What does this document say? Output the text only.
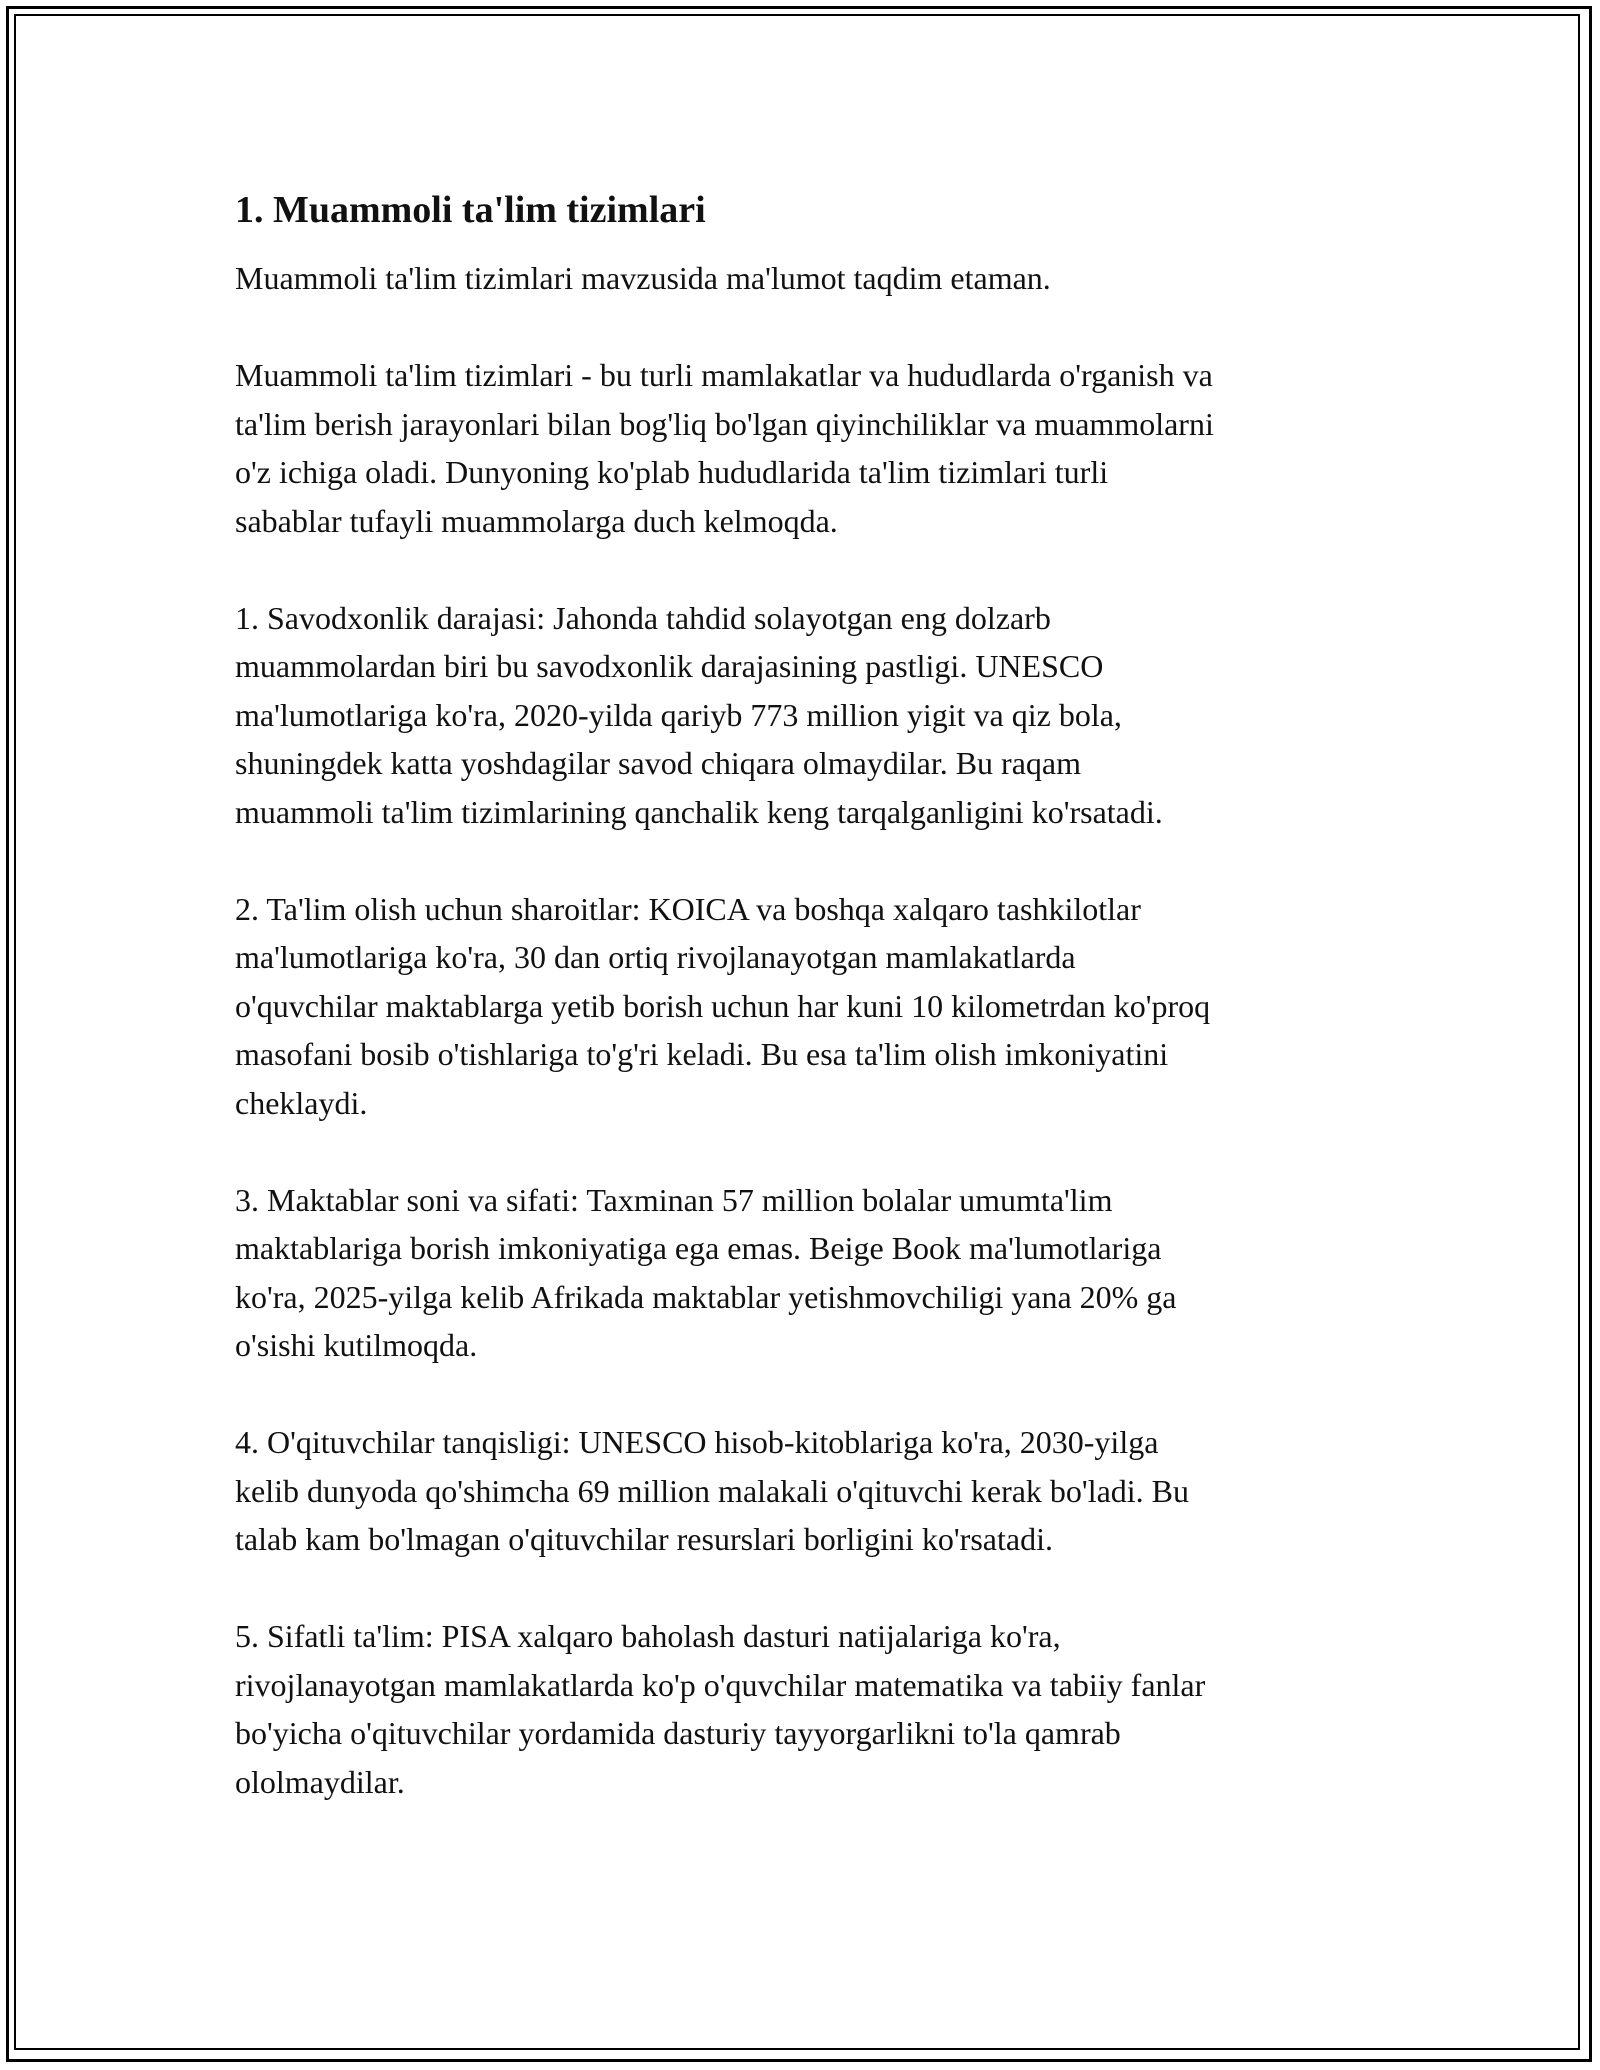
1. Muammoli ta'lim tizimlari
Muammoli ta'lim tizimlari mavzusida ma'lumot taqdim etaman.
Muammoli ta'lim tizimlari - bu turli mamlakatlar va hududlarda o'rganish va
ta'lim berish jarayonlari bilan bog'liq bo'lgan qiyinchiliklar va muammolarni
o'z ichiga oladi. Dunyoning ko'plab hududlarida ta'lim tizimlari turli
sabablar tufayli muammolarga duch kelmoqda.
1. Savodxonlik darajasi: Jahonda tahdid solayotgan eng dolzarb
muammolardan biri bu savodxonlik darajasining pastligi. UNESCO
ma'lumotlariga ko'ra, 2020-yilda qariyb 773 million yigit va qiz bola,
shuningdek katta yoshdagilar savod chiqara olmaydilar. Bu raqam
muammoli ta'lim tizimlarining qanchalik keng tarqalganligini ko'rsatadi.
2. Ta'lim olish uchun sharoitlar: KOICA va boshqa xalqaro tashkilotlar
ma'lumotlariga ko'ra, 30 dan ortiq rivojlanayotgan mamlakatlarda
o'quvchilar maktablarga yetib borish uchun har kuni 10 kilometrdan ko'proq
masofani bosib o'tishlariga to'g'ri keladi. Bu esa ta'lim olish imkoniyatini
cheklaydi.
3. Maktablar soni va sifati: Taxminan 57 million bolalar umumta'lim
maktablariga borish imkoniyatiga ega emas. Beige Book ma'lumotlariga
ko'ra, 2025-yilga kelib Afrikada maktablar yetishmovchiligi yana 20% ga
o'sishi kutilmoqda.
4. O'qituvchilar tanqisligi: UNESCO hisob-kitoblariga ko'ra, 2030-yilga
kelib dunyoda qo'shimcha 69 million malakali o'qituvchi kerak bo'ladi. Bu
talab kam bo'lmagan o'qituvchilar resurslari borligini ko'rsatadi.
5. Sifatli ta'lim: PISA xalqaro baholash dasturi natijalariga ko'ra,
rivojlanayotgan mamlakatlarda ko'p o'quvchilar matematika va tabiiy fanlar
bo'yicha o'qituvchilar yordamida dasturiy tayyorgarlikni to'la qamrab
ololmaydilar.
